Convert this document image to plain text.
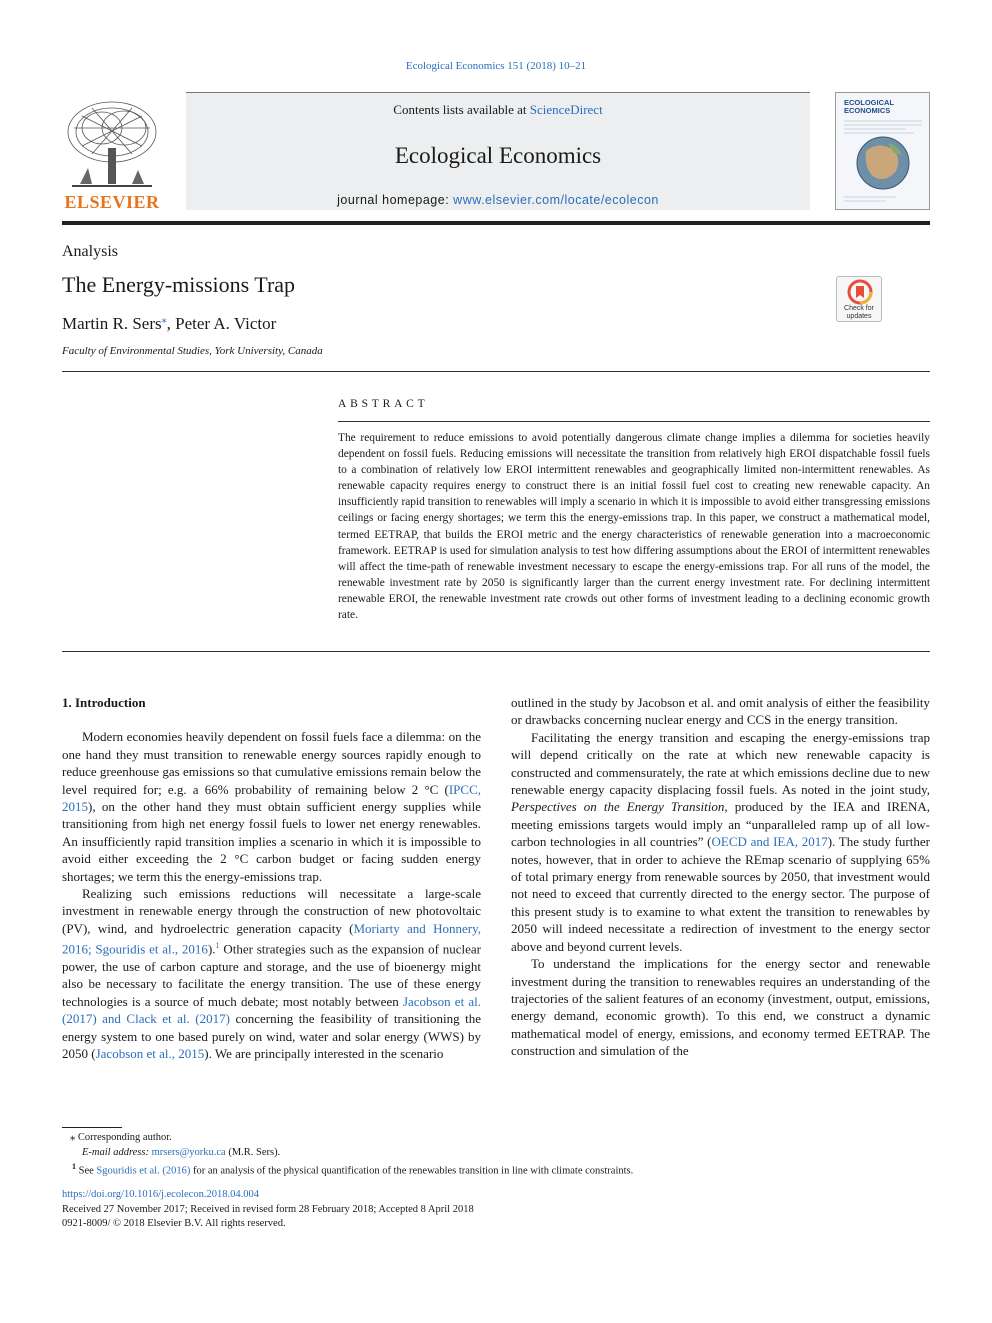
Ecological Economics 151 (2018) 10–21
ELSEVIER
Contents lists available at ScienceDirect
Ecological Economics
journal homepage: www.elsevier.com/locate/ecolecon
ECOLOGICAL ECONOMICS
Analysis
The Energy-missions Trap
Martin R. Sers⁎, Peter A. Victor
Faculty of Environmental Studies, York University, Canada
Check for updates
ABSTRACT
The requirement to reduce emissions to avoid potentially dangerous climate change implies a dilemma for societies heavily dependent on fossil fuels. Reducing emissions will necessitate the transition from relatively high EROI dispatchable fossil fuels to a combination of relatively low EROI intermittent renewables and geographically limited non-intermittent renewables. As renewable capacity requires energy to construct there is an initial fossil fuel cost to creating new renewable capacity. An insufficiently rapid transition to renewables will imply a scenario in which it is impossible to avoid either transgressing emissions ceilings or facing energy shortages; we term this the energy-emissions trap. In this paper, we construct a mathematical model, termed EETRAP, that builds the EROI metric and the energy characteristics of renewable generation into a macroeconomic framework. EETRAP is used for simulation analysis to test how differing assumptions about the EROI of intermittent renewables will affect the time-path of renewable investment necessary to escape the energy-emissions trap. For all runs of the model, the renewable investment rate by 2050 is significantly larger than the current energy investment rate. For declining intermittent renewable EROI, the renewable investment rate crowds out other forms of investment leading to a declining economic growth rate.

1. Introduction

Modern economies heavily dependent on fossil fuels face a dilemma: on the one hand they must transition to renewable energy sources rapidly enough to reduce greenhouse gas emissions so that cumulative emissions remain below the level required for; e.g. a 66% probability of remaining below 2 °C (IPCC, 2015), on the other hand they must obtain sufficient energy supplies while transitioning from high net energy fossil fuels to lower net energy renewables. An insufficiently rapid transition implies a scenario in which it is impossible to avoid either exceeding the 2 °C carbon budget or facing sudden energy shortages; we term this the energy-emissions trap.

Realizing such emissions reductions will necessitate a large-scale investment in renewable energy through the construction of new photovoltaic (PV), wind, and hydroelectric generation capacity (Moriarty and Honnery, 2016; Sgouridis et al., 2016).$^1$ Other strategies such as the expansion of nuclear power, the use of carbon capture and storage, and the use of bioenergy might also be necessary to facilitate the energy transition. The use of these energy technologies is a source of much debate; most notably between Jacobson et al. (2017) and Clack et al. (2017) concerning the feasibility of transitioning the energy system to one based purely on wind, water and solar energy (WWS) by 2050 (Jacobson et al., 2015). We are principally interested in the scenario

outlined in the study by Jacobson et al. and omit analysis of either the feasibility or drawbacks concerning nuclear energy and CCS in the energy transition.

Facilitating the energy transition and escaping the energy-emissions trap will depend critically on the rate at which new renewable capacity is constructed and commensurately, the rate at which emissions decline due to new renewable energy capacity displacing fossil fuels. As noted in the joint study, Perspectives on the Energy Transition, produced by the IEA and IRENA, meeting emissions targets would imply an “unparalleled ramp up of all low-carbon technologies in all countries” (OECD and IEA, 2017). The study further notes, however, that in order to achieve the REmap scenario of supplying 65% of total primary energy from renewable sources by 2050, that investment would not need to exceed that currently directed to the energy sector. The purpose of this present study is to examine to what extent the transition to renewables by 2050 will indeed necessitate a redirection of investment to the energy sector above and beyond current levels.

To understand the implications for the energy sector and renewable investment during the transition to renewables requires an understanding of the trajectories of the salient features of an economy (investment, output, emissions, energy demand, economic growth). To this end, we construct a dynamic mathematical model of energy, emissions, and economy termed EETRAP. The construction and simulation of the

⁎ Corresponding author.
E-mail address: mrsers@yorku.ca (M.R. Sers).
$^1$ See Sgouridis et al. (2016) for an analysis of the physical quantification of the renewables transition in line with climate constraints.
https://doi.org/10.1016/j.ecolecon.2018.04.004
Received 27 November 2017; Received in revised form 28 February 2018; Accepted 8 April 2018
0921-8009/ © 2018 Elsevier B.V. All rights reserved.
